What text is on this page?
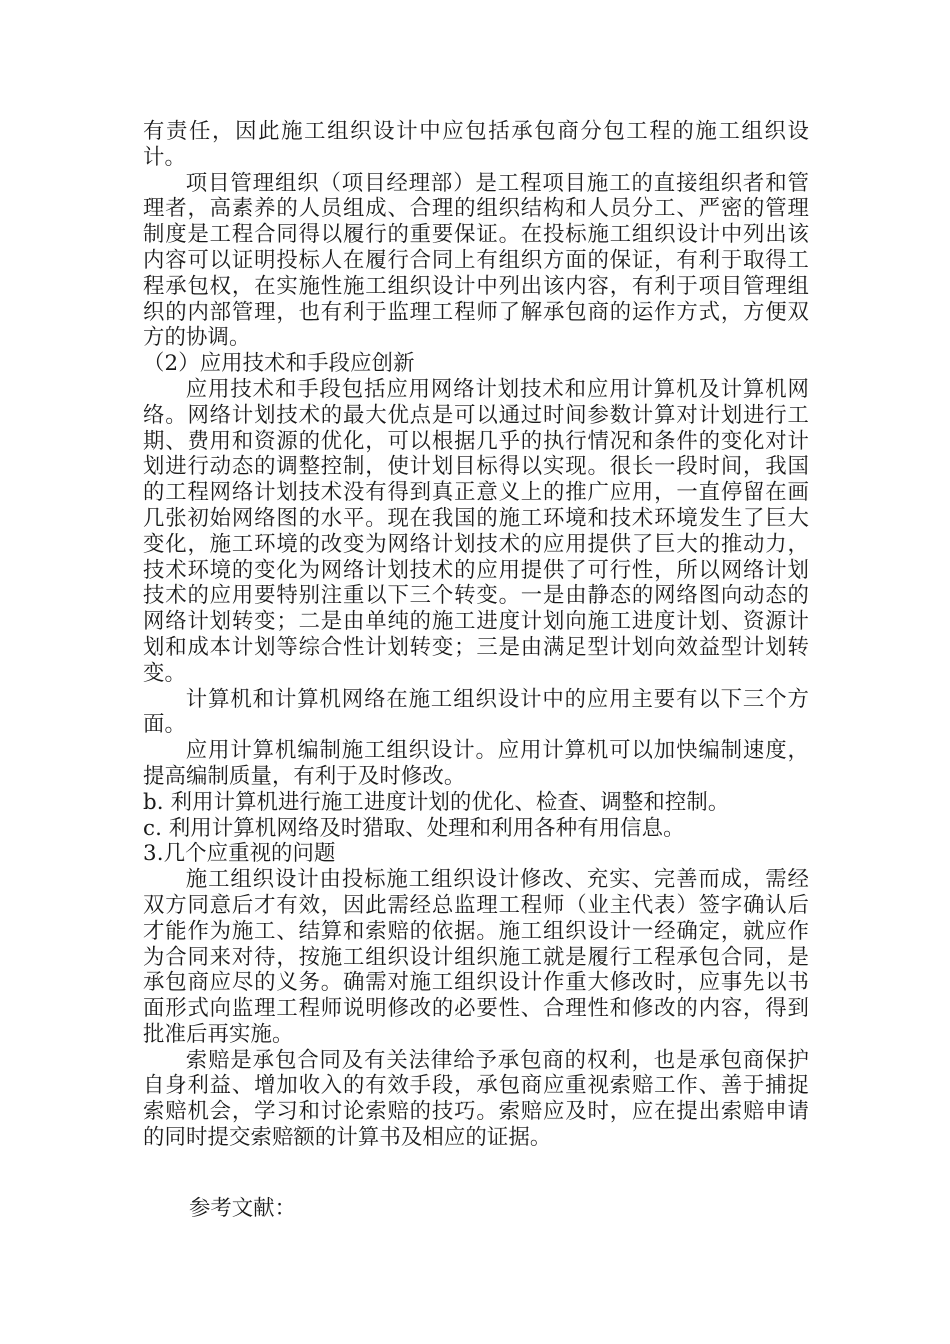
有责任，因此施工组织设计中应包括承包商分包工程的施工组织设计。

项目管理组织（项目经理部）是工程项目施工的直接组织者和管理者，高素养的人员组成、合理的组织结构和人员分工、严密的管理制度是工程合同得以履行的重要保证。在投标施工组织设计中列出该内容可以证明投标人在履行合同上有组织方面的保证，有利于取得工程承包权，在实施性施工组织设计中列出该内容，有利于项目管理组织的内部管理，也有利于监理工程师了解承包商的运作方式，方便双方的协调。

（2）应用技术和手段应创新

应用技术和手段包括应用网络计划技术和应用计算机及计算机网络。网络计划技术的最大优点是可以通过时间参数计算对计划进行工期、费用和资源的优化，可以根据几乎的执行情况和条件的变化对计划进行动态的调整控制，使计划目标得以实现。很长一段时间，我国的工程网络计划技术没有得到真正意义上的推广应用，一直停留在画几张初始网络图的水平。现在我国的施工环境和技术环境发生了巨大变化，施工环境的改变为网络计划技术的应用提供了巨大的推动力，技术环境的变化为网络计划技术的应用提供了可行性，所以网络计划技术的应用要特别注重以下三个转变。一是由静态的网络图向动态的网络计划转变；二是由单纯的施工进度计划向施工进度计划、资源计划和成本计划等综合性计划转变；三是由满足型计划向效益型计划转变。

计算机和计算机网络在施工组织设计中的应用主要有以下三个方面。

应用计算机编制施工组织设计。应用计算机可以加快编制速度，提高编制质量，有利于及时修改。

b. 利用计算机进行施工进度计划的优化、检查、调整和控制。

c. 利用计算机网络及时猎取、处理和利用各种有用信息。

3.几个应重视的问题

施工组织设计由投标施工组织设计修改、充实、完善而成，需经双方同意后才有效，因此需经总监理工程师（业主代表）签字确认后才能作为施工、结算和索赔的依据。施工组织设计一经确定，就应作为合同来对待，按施工组织设计组织施工就是履行工程承包合同，是承包商应尽的义务。确需对施工组织设计作重大修改时，应事先以书面形式向监理工程师说明修改的必要性、合理性和修改的内容，得到批准后再实施。

索赔是承包合同及有关法律给予承包商的权利，也是承包商保护自身利益、增加收入的有效手段，承包商应重视索赔工作、善于捕捉索赔机会，学习和讨论索赔的技巧。索赔应及时，应在提出索赔申请的同时提交索赔额的计算书及相应的证据。

参考文献：
